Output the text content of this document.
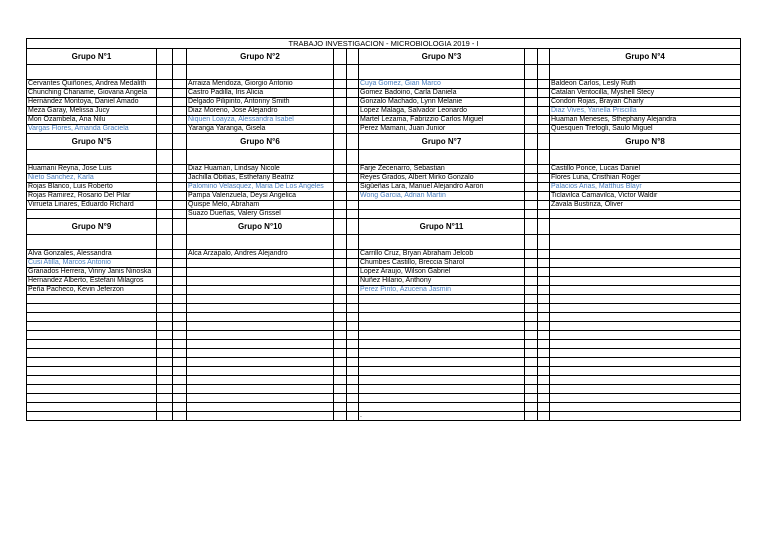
TRABAJO INVESTIGACION - MICROBIOLOGIA 2019 - I									
Grupo N°1			Grupo N°2			Grupo N°3			Grupo N°4

Cervantes Quiñones, Andrea Medalith			Arraiza Mendoza, Giorgio Antonio			Cuya Gomez, Gian Marco			Baldeon Carlos, Lesly Ruth
Chunching Chaname, Giovana Angela			Castro Padilla, Iris Alicia			Gomez Badoino, Carla Daniela			Catalan Ventocilla, Myshell Stecy
Hernández Montoya, Daniel Amado			Delgado Pilipinto, Antonny Smith			Gonzalo Machado, Lynn Melanie			Condori Rojas, Brayan Charly
Meza Garay, Melissa Jucy			Diaz Moreno, Jose Alejandro			Lopez Malaga, Salvador Leonardo			Diaz Vives, Yanella Priscilla
Mori Ozambela, Ana Nilu			Niquen Loayza, Alessandra Isabel			Martel Lezama, Fabrizzio Carlos Miguel			Huaman Meneses, Sthephany Alejandra
Vargas Flores, Amanda Graciela			Yaranga Yaranga, Gisela			Perez Mamani, Juan Junior			Quesquen Trefogli, Saulo Miguel
Grupo N°5			Grupo N°6			Grupo N°7			Grupo N°8

Huamani Reyna, Jose Luis			Diaz Huaman, Lindsay Nicole			Farje Zecenarro, Sebastian			Castillo Ponce, Lucas Daniel
Nieto Sanchez, Karla			Jachilla Obitias, Esthefany Beatriz			Reyes Grados, Albert Mirko Gonzalo			Flores Luna, Cristhian Roger
Rojas Blanco, Luis Roberto			Palomino Velasquez, Maria De Los Angeles			Sigüeñas Lara, Manuel Alejandro Aaron			Palacios Arias, Matthus Blayr
Rojas Ramirez, Rosario Del Pilar			Pampa Valenzuela, Deysi Angelica			Wong Garcia, Adrian Martin			Ticlavilca Camavilca, Victor Waldir
Virrueta Linares, Eduardo Richard			Quispe Melo, Abraham						Zavala Bustinza, Oliver
			Suazo Dueñas, Valery Grissel						
Grupo N°9			Grupo N°10			Grupo N°11			

Alva Gonzales, Alessandra			Alca Arzapalo, Andres Alejandro			Carrillo Cruz, Bryan Abraham Jelcob			
Cusi Atilla, Marcos Antonio						Chumbes Castillo, Breccia Sharol			
Granados Herrera, Vinny Janis Ninoska						Lopez Araujo, Wilson Gabriel			
Hernandez Alberto, Estefani Milagros						Nuñez Hilario, Anthony			
Peña Pacheco, Kevin Jeferzon						Perez Pinto, Azucena Jasmin			

						.			
